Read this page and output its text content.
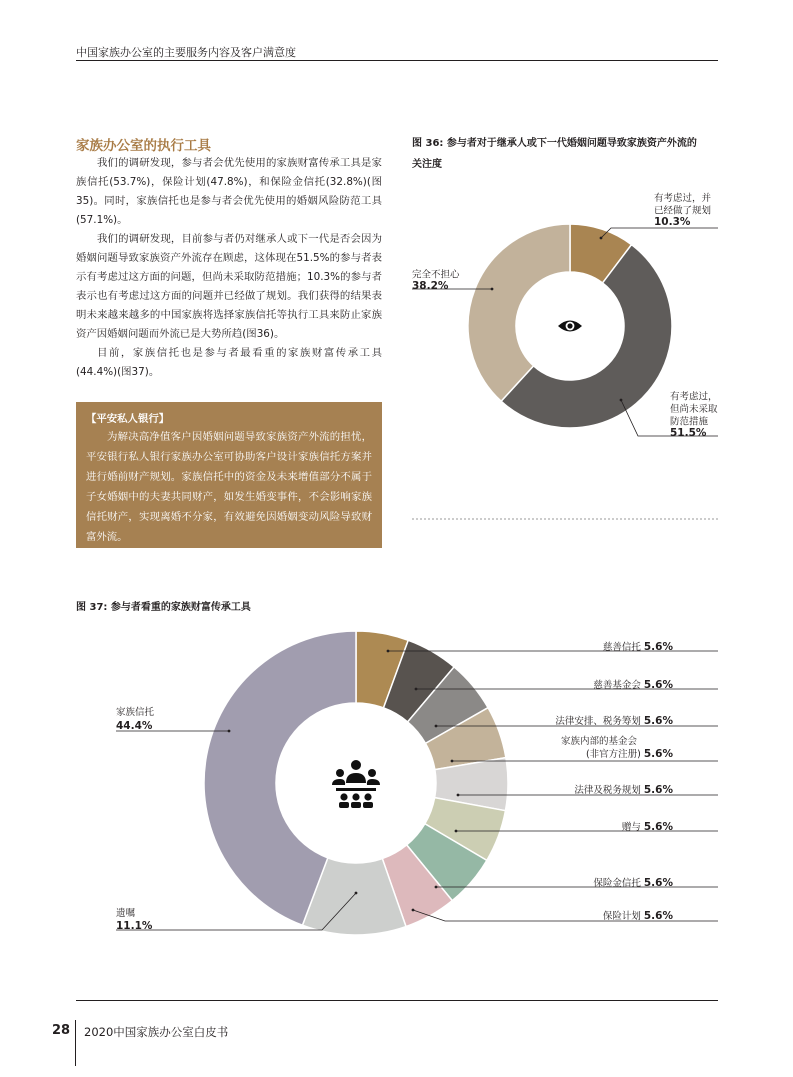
中国家族办公室的主要服务内容及客户满意度
家族办公室的执行工具

我们的调研发现，参与者会优先使用的家族财富传承工具是家族信托(53.7%)，保险计划(47.8%)，和保险金信托(32.8%)(图35)。同时，家族信托也是参与者会优先使用的婚姻风险防范工具(57.1%)。

我们的调研发现，目前参与者仍对继承人或下一代是否会因为婚姻问题导致家族资产外流存在顾虑，这体现在51.5%的参与者表示有考虑过这方面的问题，但尚未采取防范措施；10.3%的参与者表示也有考虑过这方面的问题并已经做了规划。我们获得的结果表明未来越来越多的中国家族将选择家族信托等执行工具来防止家族资产因婚姻问题而外流已是大势所趋(图36)。

目前，家族信托也是参与者最看重的家族财富传承工具(44.4%)(图37)。

【平安私人银行】

为解决高净值客户因婚姻问题导致家族资产外流的担忧，平安银行私人银行家族办公室可协助客户设计家族信托方案并进行婚前财产规划。家族信托中的资金及未来增值部分不属于子女婚姻中的夫妻共同财产，如发生婚变事件，不会影响家族信托财产，实现离婚不分家，有效避免因婚姻变动风险导致财富外流。

图 36: 参与者对于继承人或下一代婚姻问题导致家族资产外流的
关注度
图 37: 参与者看重的家族财富传承工具
有考虑过，并
已经做了规划
10.3%
有考虑过，
但尚未采取
防范措施
51.5%
完全不担心
38.2%
慈善信托 5.6%
慈善基金会 5.6%
法律安排、税务筹划 5.6%
家族内部的基金会
(非官方注册) 5.6%
法律及税务规划 5.6%
赠与 5.6%
保险金信托 5.6%
保险计划 5.6%
遗嘱
11.1%
家族信托
44.4%
28 2020中国家族办公室白皮书
